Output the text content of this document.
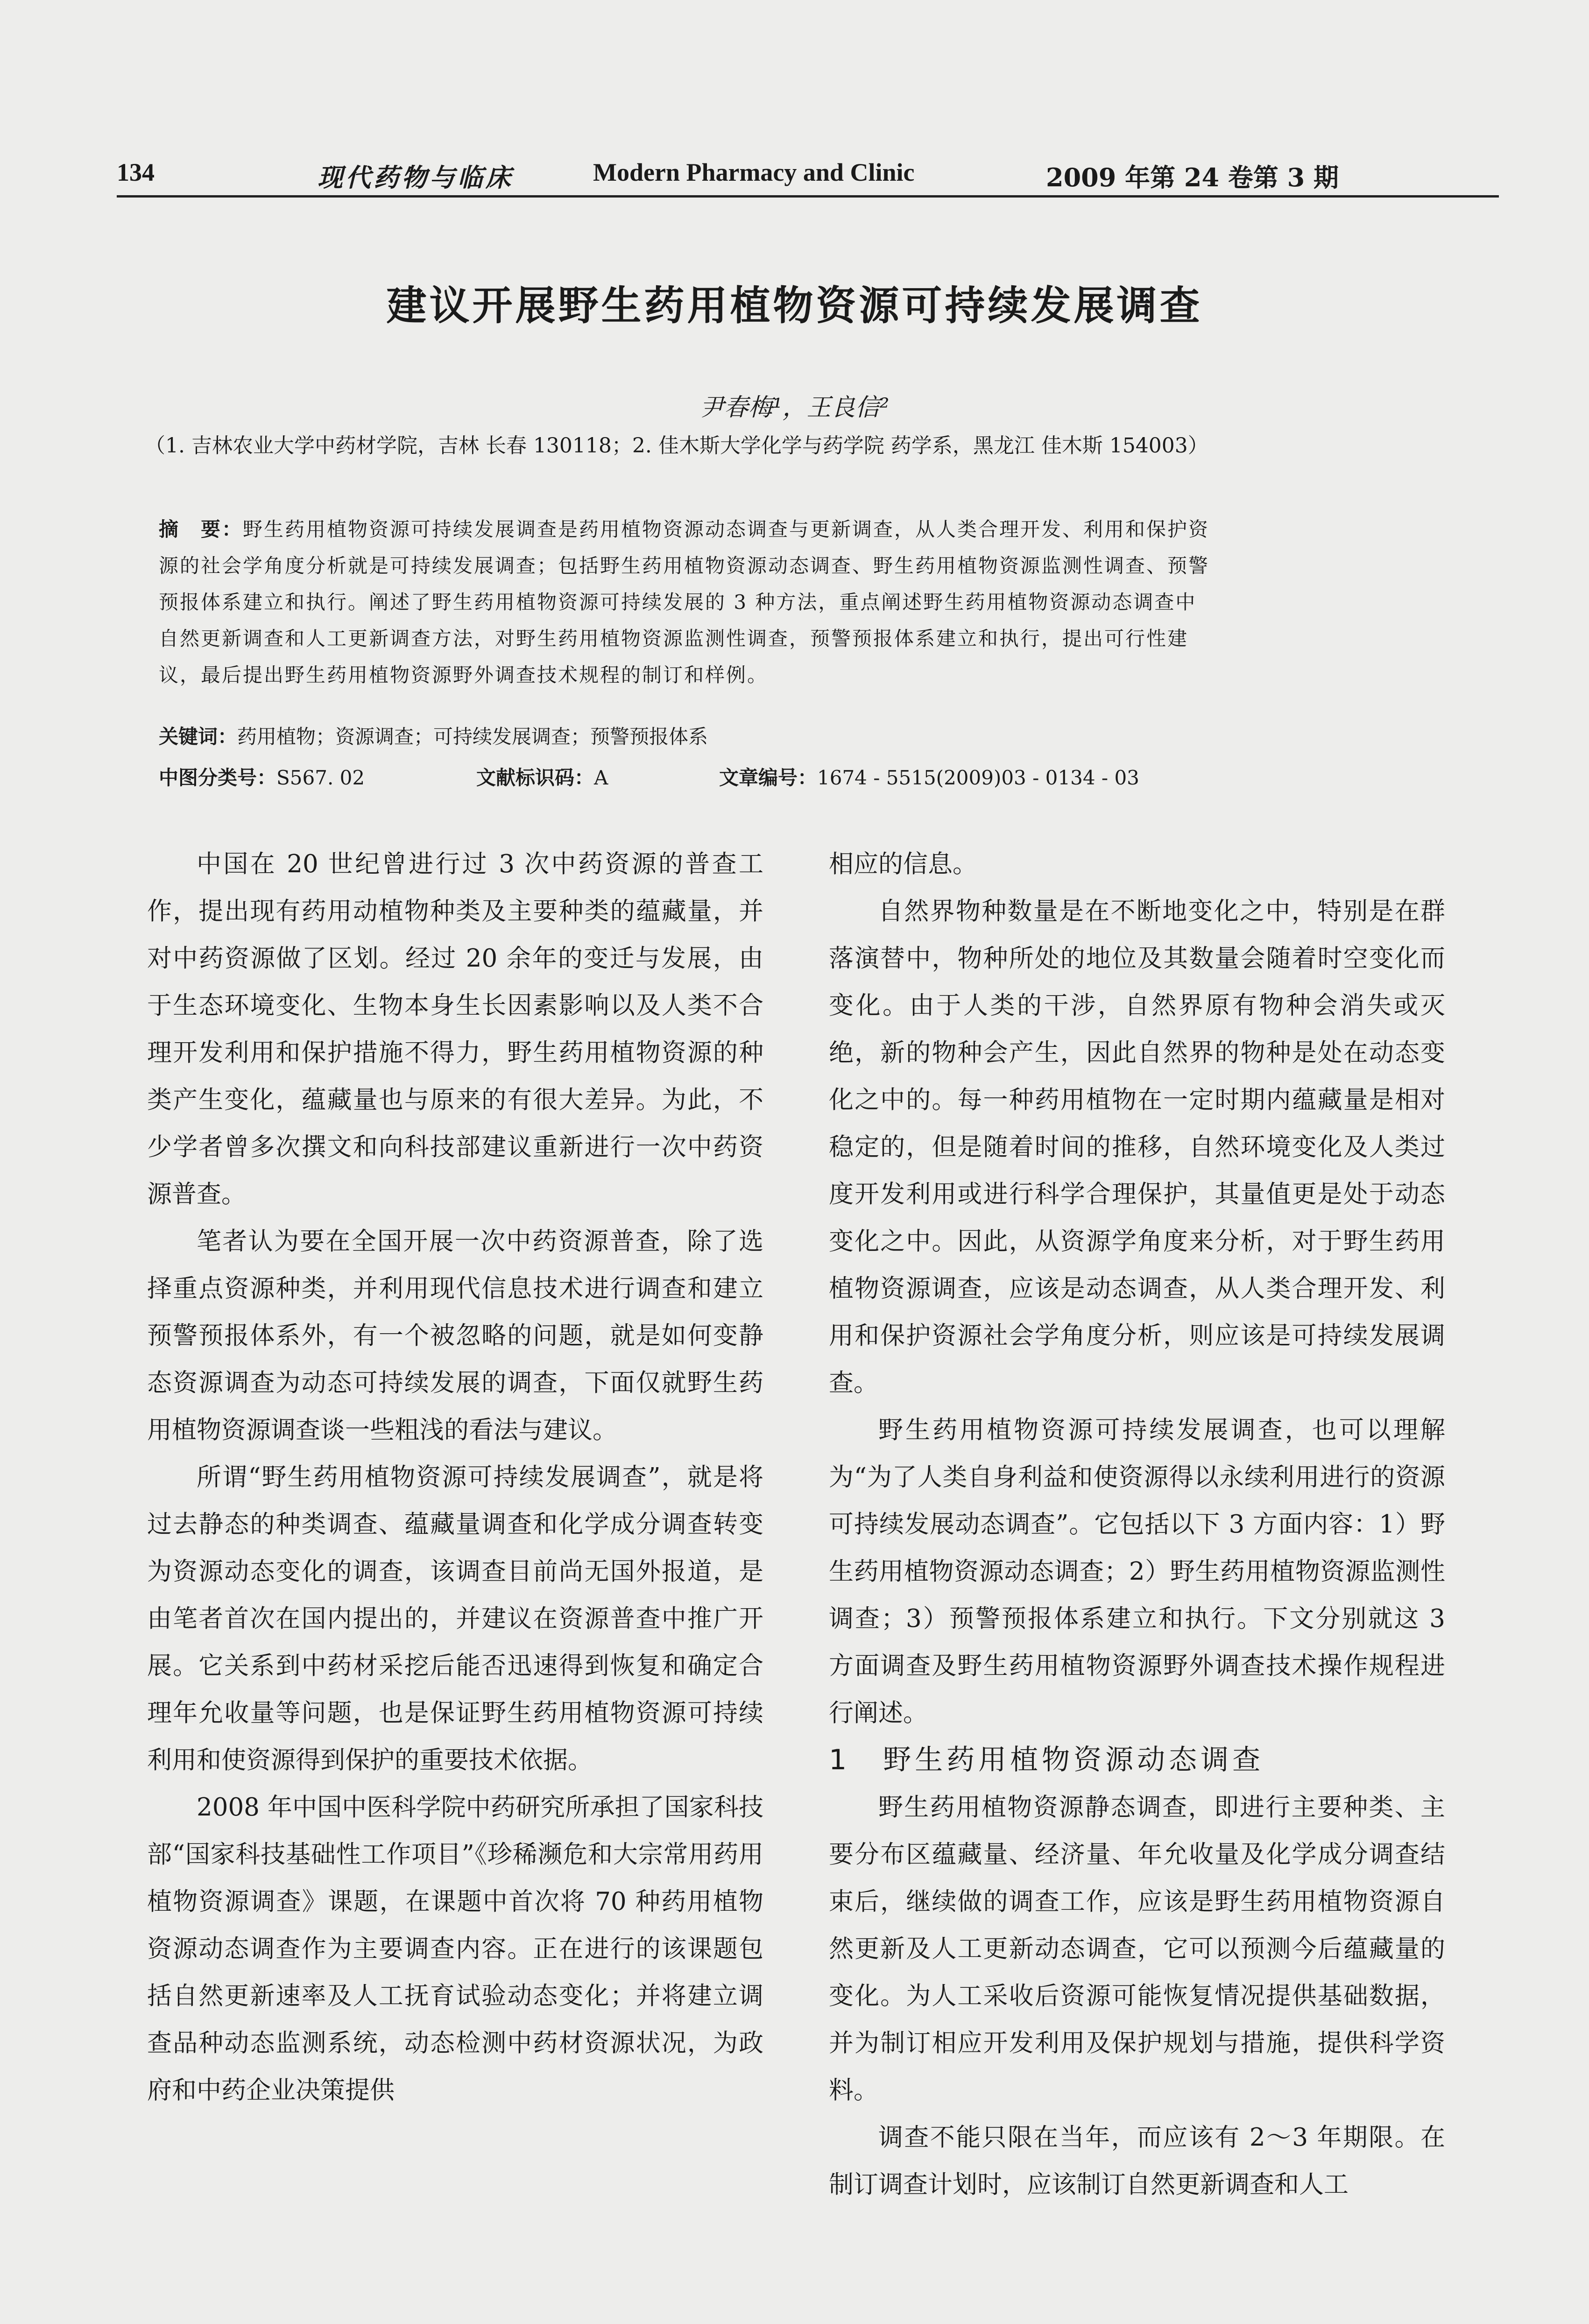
134	现代药物与临床	Modern Pharmacy and Clinic	2009 年第 24 卷第 3 期
建议开展野生药用植物资源可持续发展调查
尹春梅¹，王良信²
（1. 吉林农业大学中药材学院，吉林 长春 130118；2. 佳木斯大学化学与药学院 药学系，黑龙江 佳木斯 154003）
摘　要：野生药用植物资源可持续发展调查是药用植物资源动态调查与更新调查，从人类合理开发、利用和保护资
源的社会学角度分析就是可持续发展调查；包括野生药用植物资源动态调查、野生药用植物资源监测性调查、预警
预报体系建立和执行。阐述了野生药用植物资源可持续发展的 3 种方法，重点阐述野生药用植物资源动态调查中
自然更新调查和人工更新调查方法，对野生药用植物资源监测性调查，预警预报体系建立和执行，提出可行性建
议，最后提出野生药用植物资源野外调查技术规程的制订和样例。
关键词：药用植物；资源调查；可持续发展调查；预警预报体系
中图分类号：S567. 02	文献标识码：A	文章编号：1674 - 5515(2009)03 - 0134 - 03

中国在 20 世纪曾进行过 3 次中药资源的普查工作，提出现有药用动植物种类及主要种类的蕴藏量，并对中药资源做了区划。经过 20 余年的变迁与发展，由于生态环境变化、生物本身生长因素影响以及人类不合理开发利用和保护措施不得力，野生药用植物资源的种类产生变化，蕴藏量也与原来的有很大差异。为此，不少学者曾多次撰文和向科技部建议重新进行一次中药资源普查。

笔者认为要在全国开展一次中药资源普查，除了选择重点资源种类，并利用现代信息技术进行调查和建立预警预报体系外，有一个被忽略的问题，就是如何变静态资源调查为动态可持续发展的调查，下面仅就野生药用植物资源调查谈一些粗浅的看法与建议。

所谓“野生药用植物资源可持续发展调查”，就是将过去静态的种类调查、蕴藏量调查和化学成分调查转变为资源动态变化的调查，该调查目前尚无国外报道，是由笔者首次在国内提出的，并建议在资源普查中推广开展。它关系到中药材采挖后能否迅速得到恢复和确定合理年允收量等问题，也是保证野生药用植物资源可持续利用和使资源得到保护的重要技术依据。

2008 年中国中医科学院中药研究所承担了国家科技部“国家科技基础性工作项目”《珍稀濒危和大宗常用药用植物资源调查》课题，在课题中首次将 70 种药用植物资源动态调查作为主要调查内容。正在进行的该课题包括自然更新速率及人工抚育试验动态变化；并将建立调查品种动态监测系统，动态检测中药材资源状况，为政府和中药企业决策提供

相应的信息。

自然界物种数量是在不断地变化之中，特别是在群落演替中，物种所处的地位及其数量会随着时空变化而变化。由于人类的干涉，自然界原有物种会消失或灭绝，新的物种会产生，因此自然界的物种是处在动态变化之中的。每一种药用植物在一定时期内蕴藏量是相对稳定的，但是随着时间的推移，自然环境变化及人类过度开发利用或进行科学合理保护，其量值更是处于动态变化之中。因此，从资源学角度来分析，对于野生药用植物资源调查，应该是动态调查，从人类合理开发、利用和保护资源社会学角度分析，则应该是可持续发展调查。

野生药用植物资源可持续发展调查，也可以理解为“为了人类自身利益和使资源得以永续利用进行的资源可持续发展动态调查”。它包括以下 3 方面内容：1）野生药用植物资源动态调查；2）野生药用植物资源监测性调查；3）预警预报体系建立和执行。下文分别就这 3 方面调查及野生药用植物资源野外调查技术操作规程进行阐述。

1 野生药用植物资源动态调查

野生药用植物资源静态调查，即进行主要种类、主要分布区蕴藏量、经济量、年允收量及化学成分调查结束后，继续做的调查工作，应该是野生药用植物资源自然更新及人工更新动态调查，它可以预测今后蕴藏量的变化。为人工采收后资源可能恢复情况提供基础数据，并为制订相应开发利用及保护规划与措施，提供科学资料。

调查不能只限在当年，而应该有 2～3 年期限。在制订调查计划时，应该制订自然更新调查和人工
